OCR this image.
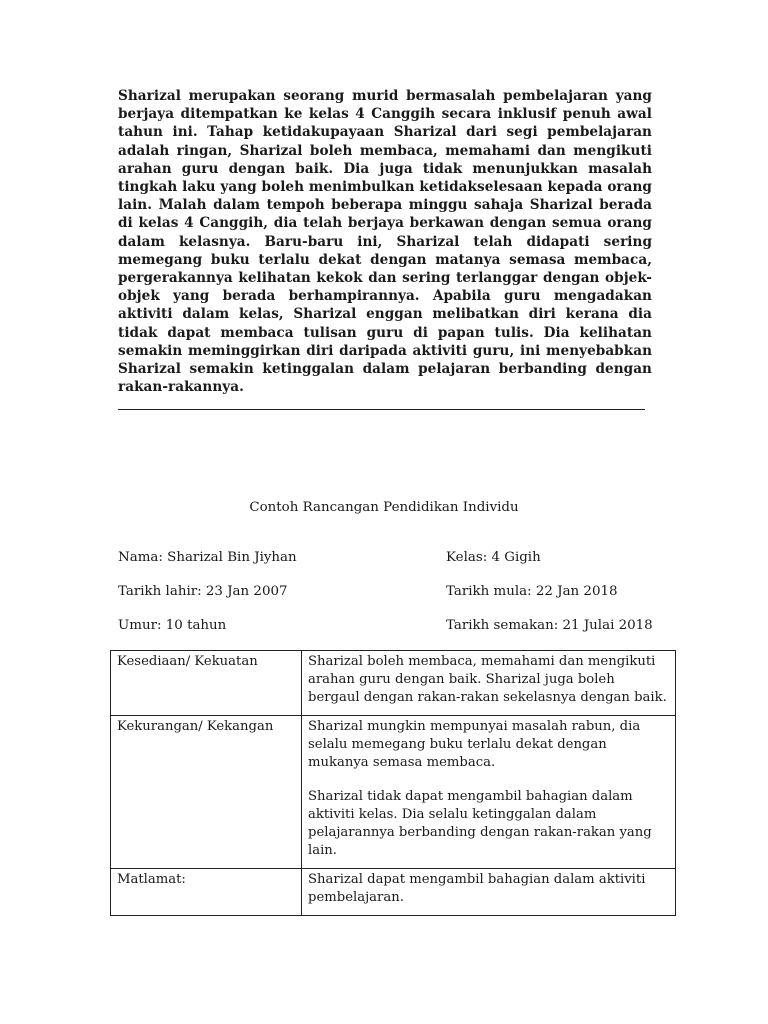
Sharizal merupakan seorang murid bermasalah pembelajaran yang berjaya ditempatkan ke kelas 4 Canggih secara inklusif penuh awal tahun ini. Tahap ketidakupayaan Sharizal dari segi pembelajaran adalah ringan, Sharizal boleh membaca, memahami dan mengikuti arahan guru dengan baik. Dia juga tidak menunjukkan masalah tingkah laku yang boleh menimbulkan ketidakselesaan kepada orang lain. Malah dalam tempoh beberapa minggu sahaja Sharizal berada di kelas 4 Canggih, dia telah berjaya berkawan dengan semua orang dalam kelasnya. Baru-baru ini, Sharizal telah didapati sering memegang buku terlalu dekat dengan matanya semasa membaca, pergerakannya kelihatan kekok dan sering terlanggar dengan objek-objek yang berada berhampirannya. Apabila guru mengadakan aktiviti dalam kelas, Sharizal enggan melibatkan diri kerana dia tidak dapat membaca tulisan guru di papan tulis. Dia kelihatan semakin meminggirkan diri daripada aktiviti guru, ini menyebabkan Sharizal semakin ketinggalan dalam pelajaran berbanding dengan rakan-rakannya.
Contoh Rancangan Pendidikan Individu
Nama: Sharizal Bin Jiyhan	Kelas: 4 Gigih
Tarikh lahir: 23 Jan 2007	Tarikh mula: 22 Jan 2018
Umur: 10 tahun	Tarikh semakan: 21 Julai 2018
Kesediaan/ Kekuatan	Sharizal boleh membaca, memahami dan mengikuti arahan guru dengan baik. Sharizal juga boleh bergaul dengan rakan-rakan sekelasnya dengan baik.

Kekurangan/ Kekangan	Sharizal mungkin mempunyai masalah rabun, dia selalu memegang buku terlalu dekat dengan mukanya semasa membaca.

Sharizal tidak dapat mengambil bahagian dalam aktiviti kelas. Dia selalu ketinggalan dalam pelajarannya berbanding dengan rakan-rakan yang lain.

Matlamat:	Sharizal dapat mengambil bahagian dalam aktiviti pembelajaran.
